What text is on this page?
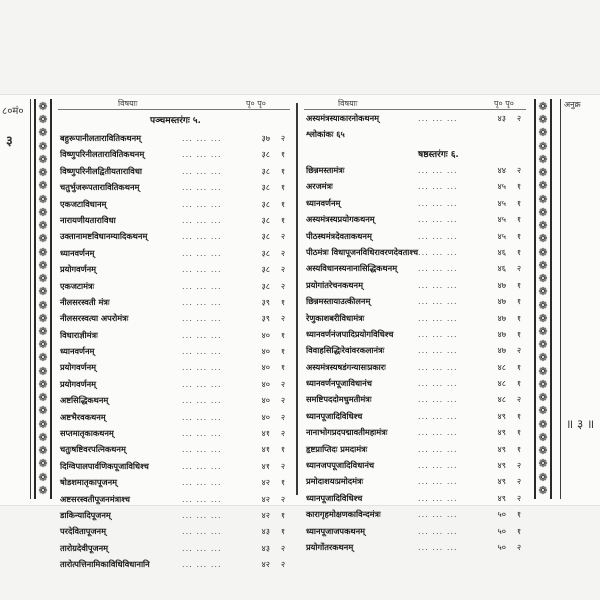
८०मं०
३
❁
❁
❁
❁
❁
❁
❁
❁
❁
❁
❁
❁
❁
❁
❁
❁
❁
❁
❁
❁
❁
❁
❁
❁
❁
❁
❁
❁
❁
❁
विषयाः	पृ० पृ०
पञ्चमस्तरंगः ५.
बहुरूपानीलतारावितिकथनम्	... ... ...	३७	२
विष्णुपरिनीलतारावितिकथनम्	... ... ...	३८	१
विष्णुपरिनीलद्वितीयताराविधा	... ... ...	३८	१
चतुर्भुजरूपतारावितिकथनम्	... ... ...	३८	१
एकजटाविधानम्	... ... ...	३८	१
नारायणीयताराविधा	... ... ...	३८	१
उक्तानामष्टविधानम्यादिकथनम्	... ... ...	३८	२
ध्यानवर्णनम्	... ... ...	३८	२
प्रयोगवर्णनम्	... ... ...	३८	२
एकजटामंत्रः	... ... ...	३८	२
नीलसरस्वती मंत्रः	... ... ...	३९	१
नीलसरस्वत्या अपरोमंत्रः	... ... ...	३९	२
विधाराज्ञीमंत्रः	... ... ...	४०	१
ध्यानवर्णनम्	... ... ...	४०	१
प्रयोगवर्णनम्	... ... ...	४०	१
प्रयोगवर्णनम्	... ... ...	४०	२
अष्टसिद्धिकथनम्	... ... ...	४०	२
अष्टभैरवकथनम्	... ... ...	४०	२
सप्तमातृकाकथनम्	... ... ...	४१	२
चतुःषष्टिवरपत्निकथनम्	... ... ...	४१	१
दिग्विपालपार्वणिकपूजाविधिश्च	... ... ...	४१	२
षोडशमातृकापूजनम्	... ... ...	४२	१
अष्टसरस्वतीपूजनमंत्राश्च	... ... ...	४२	२
डाकिन्यादिपूजनम्	... ... ...	४२	१
परदेवितापूजनम्	... ... ...	४३	१
तारोग्रदेवीपूजनम्	... ... ...	४३	२
तारोत्पत्तिनामिकाविधिविधानानि	... ... ...	४२	२
विषयाः	पृ० पृ०
अस्यमंत्रस्याकारनोकथनम्	... ... ...	४३	२
श्लोकांकः ६५
षष्ठस्तरंगः ६.
छिन्नमस्तामंत्रः	... ... ...	४४	२
अरजमंत्रः	... ... ...	४५	१
ध्यानवर्णनम्	... ... ...	४५	१
अस्यमंत्रस्यप्रयोगकथनम्	... ... ...	४५	१
पीठस्थमंत्रदेवताकथनम्	... ... ...	४५	१
पीठमंत्रः विधापूजनविधिरावरणदेवताश्च ... ... ...	४६	१
अस्यविधानस्यनानासिद्धिकथनम्	... ... ...	४६	२
प्रयोगांतरेचनकथनम्	... ... ...	४७	१
छिन्नमस्तायाउत्कीलनम्	... ... ...	४७	१
रेणुकाशबरीविधामंत्रः	... ... ...	४७	१
ध्यानवर्णनंजपादिप्रयोगविधिश्च	... ... ...	४७	१
विवाहसिद्धिःरेवांवरकलानंत्रः	... ... ...	४७	२
अस्यमंत्रस्यषडंगन्यासःप्रकारः	... ... ...	४८	१
ध्यानवर्णनपूजाविधानंच	... ... ...	४८	१
समष्टिपददोमधुमतीमंत्रः	... ... ...	४८	२
ध्यानपूजादिविधिश्च	... ... ...	४९	१
नानाभोगप्रदपद्मावतीमहामंत्रः	... ... ...	४९	१
हृष्टप्राप्तिदः प्रमदामंत्रः	... ... ...	४९	१
ध्यानजपपूजादिविधानंच	... ... ...	४९	२
प्रमोदाशयःप्रमोदमंत्रः	... ... ...	४९	२
ध्यानपूजादिविधिश्च	... ... ...	४९	२
कारागृहमोक्षणकाविन्दमंत्रः	... ... ...	५०	१
ध्यानपूजाजपकथनम्	... ... ...	५०	१
प्रयोगोंतरकथनम्	... ... ...	५०	२
❁
❁
❁
❁
❁
❁
❁
❁
❁
❁
❁
❁
❁
❁
❁
❁
❁
❁
❁
❁
❁
❁
❁
❁
❁
❁
❁
❁
❁
❁
अनुक्र
॥ ३ ॥
